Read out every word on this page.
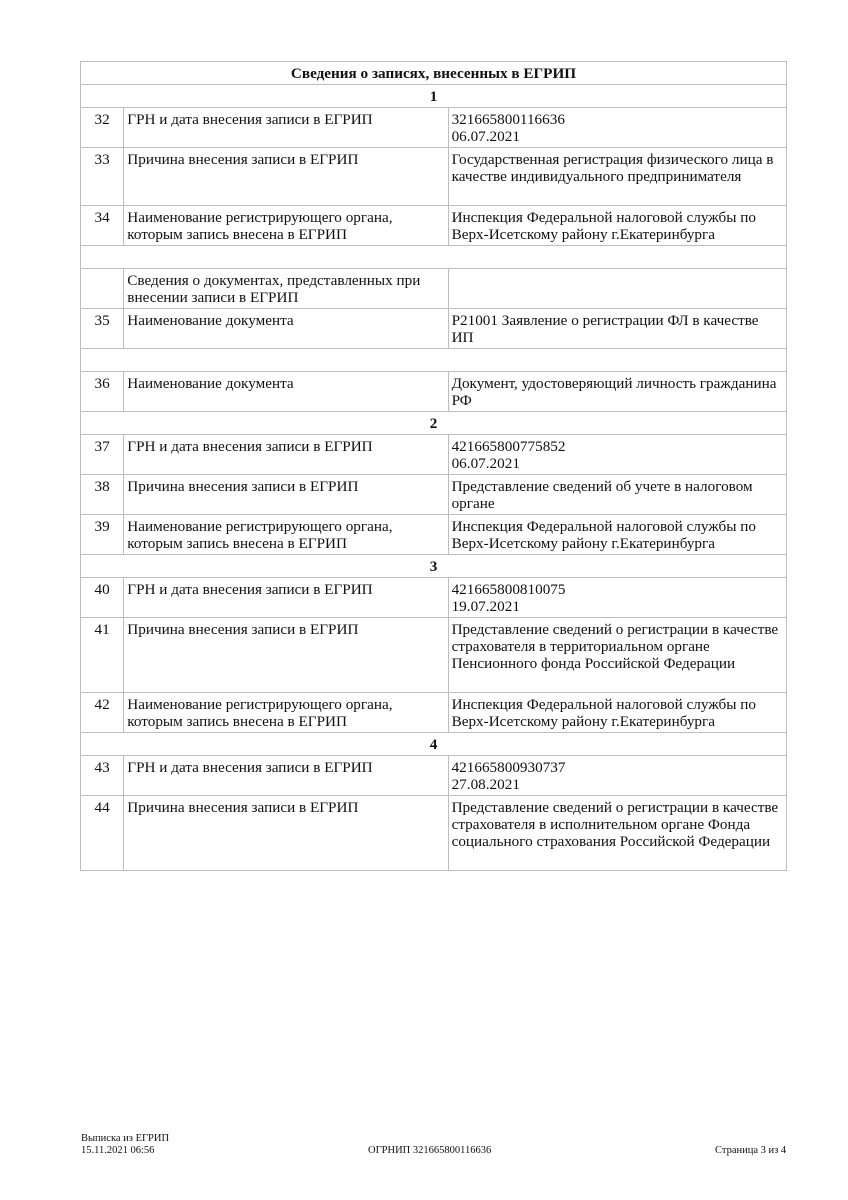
Сведения о записях, внесенных в ЕГРИП		
1		
32	ГРН и дата внесения записи в ЕГРИП	321665800116636
06.07.2021

33	Причина внесения записи в ЕГРИП	Государственная регистрация физического лица в качестве индивидуального предпринимателя
34	Наименование регистрирующего органа, которым запись внесена в ЕГРИП	Инспекция Федеральной налоговой службы по Верх-Исетскому району г.Екатеринбурга

	Сведения о документах, представленных при внесении записи в ЕГРИП	
35	Наименование документа	Р21001 Заявление о регистрации ФЛ в качестве ИП

36	Наименование документа	Документ, удостоверяющий личность гражданина РФ
2		
37	ГРН и дата внесения записи в ЕГРИП	421665800775852
06.07.2021

38	Причина внесения записи в ЕГРИП	Представление сведений об учете в налоговом органе
39	Наименование регистрирующего органа, которым запись внесена в ЕГРИП	Инспекция Федеральной налоговой службы по Верх-Исетскому району г.Екатеринбурга
3		
40	ГРН и дата внесения записи в ЕГРИП	421665800810075
19.07.2021

41	Причина внесения записи в ЕГРИП	Представление сведений о регистрации в качестве страхователя в территориальном органе Пенсионного фонда Российской Федерации
42	Наименование регистрирующего органа, которым запись внесена в ЕГРИП	Инспекция Федеральной налоговой службы по Верх-Исетскому району г.Екатеринбурга
4		
43	ГРН и дата внесения записи в ЕГРИП	421665800930737
27.08.2021

44	Причина внесения записи в ЕГРИП	Представление сведений о регистрации в качестве страхователя в исполнительном органе Фонда социального страхования Российской Федерации
Выписка из ЕГРИП
15.11.2021 06:56	ОГРНИП 321665800116636	Страница 3 из 4
